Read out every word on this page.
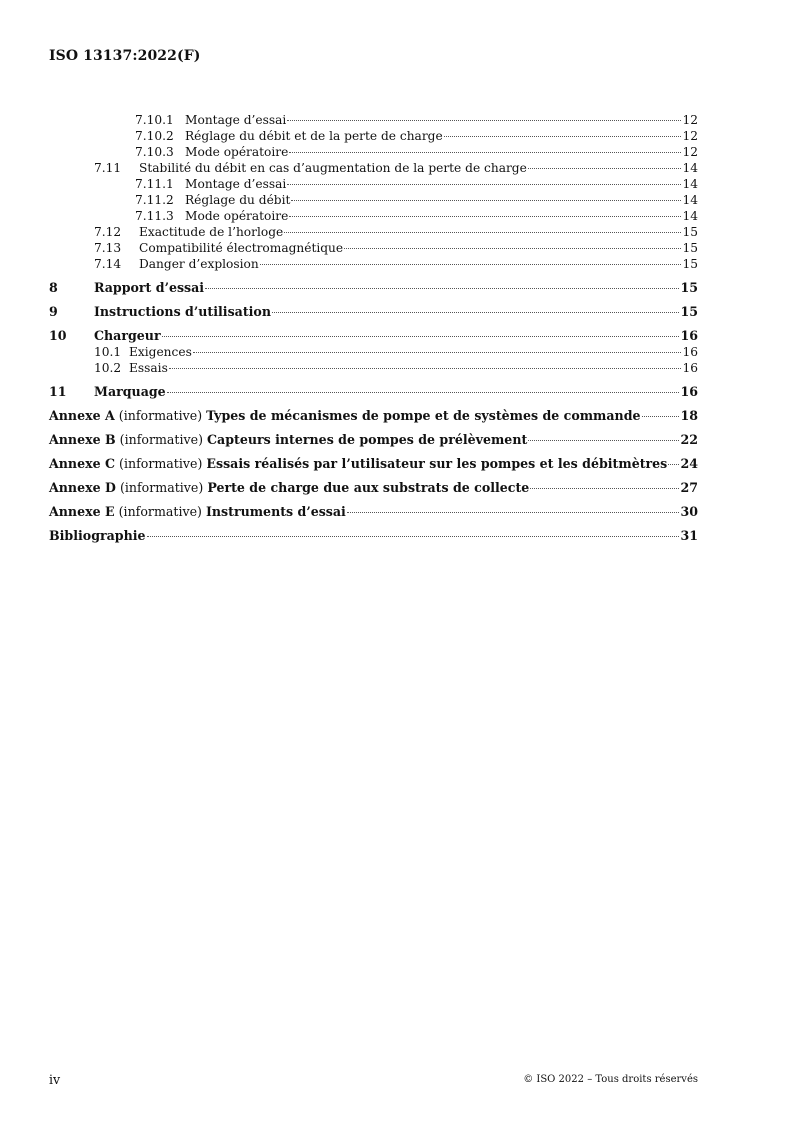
ISO 13137:2022(F)
7.10.1 Montage d’essai	12
7.10.2 Réglage du débit et de la perte de charge	12
7.10.3 Mode opératoire	12
7.11	Stabilité du débit en cas d’augmentation de la perte de charge	14
7.11.1 Montage d’essai	14
7.11.2 Réglage du débit	14
7.11.3 Mode opératoire	14
7.12	Exactitude de l’horloge	15
7.13	Compatibilité électromagnétique	15
7.14	Danger d’explosion	15
8	Rapport d’essai	15
9	Instructions d’utilisation	15
10	Chargeur	16
10.1 Exigences	16
10.2 Essais	16
11	Marquage	16
Annexe A (informative) Types de mécanismes de pompe et de systèmes de commande	18
Annexe B (informative) Capteurs internes de pompes de prélèvement	22
Annexe C (informative) Essais réalisés par l’utilisateur sur les pompes et les débitmètres 24
Annexe D (informative) Perte de charge due aux substrats de collecte	27
Annexe E (informative) Instruments d’essai	30
Bibliographie	31
iv	© ISO 2022 – Tous droits réservés
